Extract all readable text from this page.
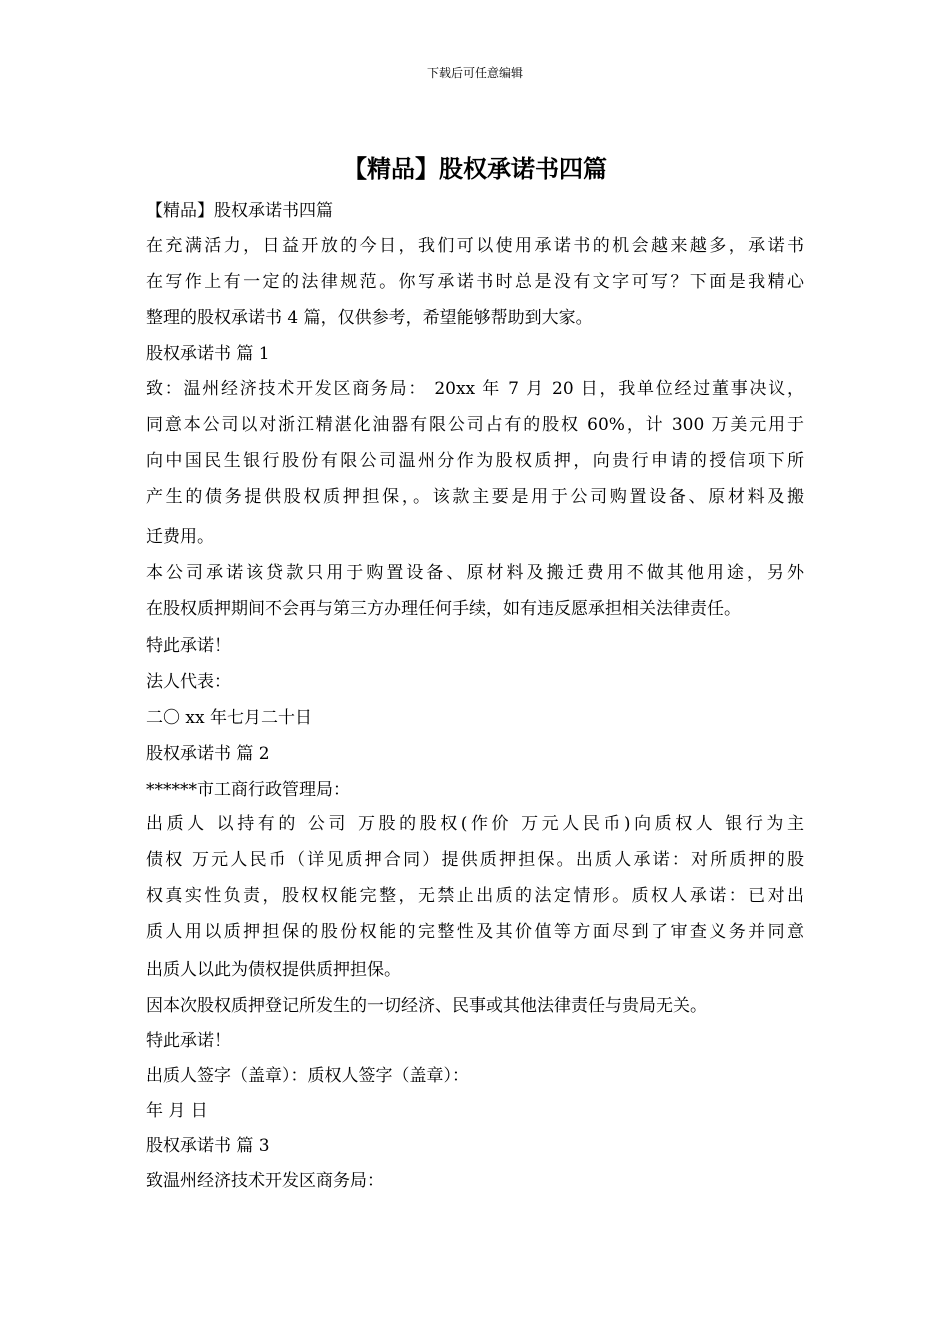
下载后可任意编辑
【精品】股权承诺书四篇
【精品】股权承诺书四篇
在充满活力，日益开放的今日，我们可以使用承诺书的机会越来越多，承诺书
在写作上有一定的法律规范。你写承诺书时总是没有文字可写？下面是我精心
整理的股权承诺书 4 篇，仅供参考，希望能够帮助到大家。
股权承诺书 篇 1
致：温州经济技术开发区商务局： 20xx 年 7 月 20 日，我单位经过董事决议，
同意本公司以对浙江精湛化油器有限公司占有的股权 60%，计 300 万美元用于
向中国民生银行股份有限公司温州分作为股权质押，向贵行申请的授信项下所
产生的债务提供股权质押担保，。该款主要是用于公司购置设备、原材料及搬
迁费用。
本公司承诺该贷款只用于购置设备、原材料及搬迁费用不做其他用途，另外
在股权质押期间不会再与第三方办理任何手续，如有违反愿承担相关法律责任。
特此承诺！
法人代表：
二〇 xx 年七月二十日
股权承诺书 篇 2
******市工商行政管理局：
出质人 以持有的 公司 万股的股权(作价 万元人民币)向质权人 银行为主
债权 万元人民币（详见质押合同）提供质押担保。出质人承诺：对所质押的股
权真实性负责，股权权能完整，无禁止出质的法定情形。质权人承诺：已对出
质人用以质押担保的股份权能的完整性及其价值等方面尽到了审查义务并同意
出质人以此为债权提供质押担保。
因本次股权质押登记所发生的一切经济、民事或其他法律责任与贵局无关。
特此承诺！
出质人签字（盖章）：质权人签字（盖章）：
年 月 日
股权承诺书 篇 3
致温州经济技术开发区商务局：
